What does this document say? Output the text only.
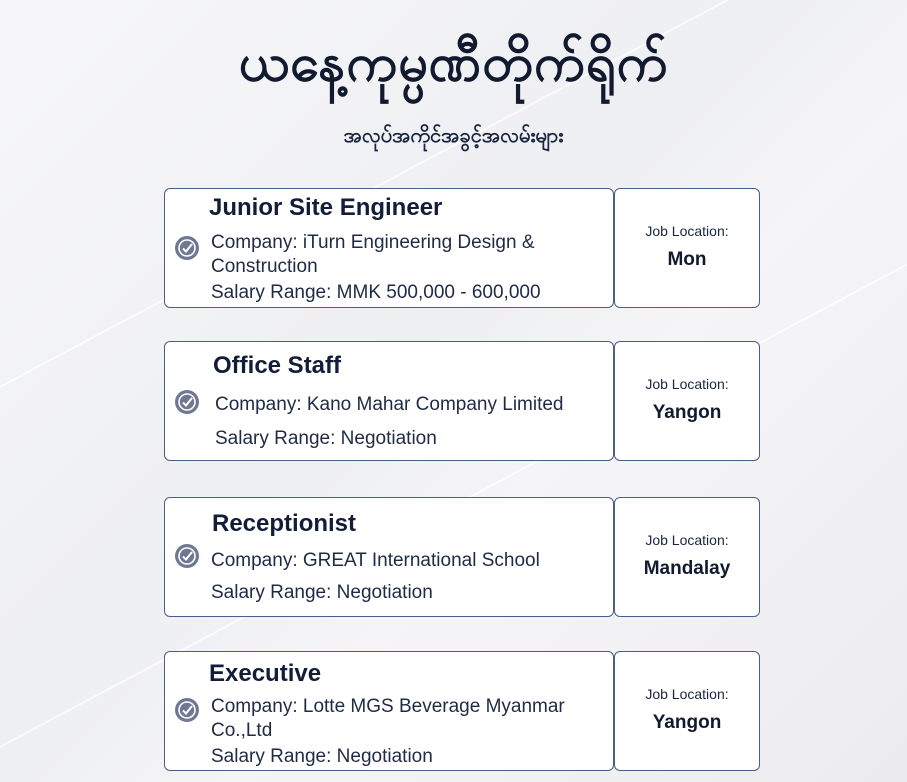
ယနေ့ကုမ္ပဏီတိုက်ရိုက်
အလုပ်အကိုင်အခွင့်အလမ်းများ
Junior Site Engineer
Company: iTurn Engineering Design & Construction
Salary Range: MMK 500,000 - 600,000
Job Location:
Mon
Office Staff
Company: Kano Mahar Company Limited
Salary Range: Negotiation
Job Location:
Yangon
Receptionist
Company: GREAT International School
Salary Range: Negotiation
Job Location:
Mandalay
Executive
Company: Lotte MGS Beverage Myanmar Co.,Ltd
Salary Range: Negotiation
Job Location:
Yangon
